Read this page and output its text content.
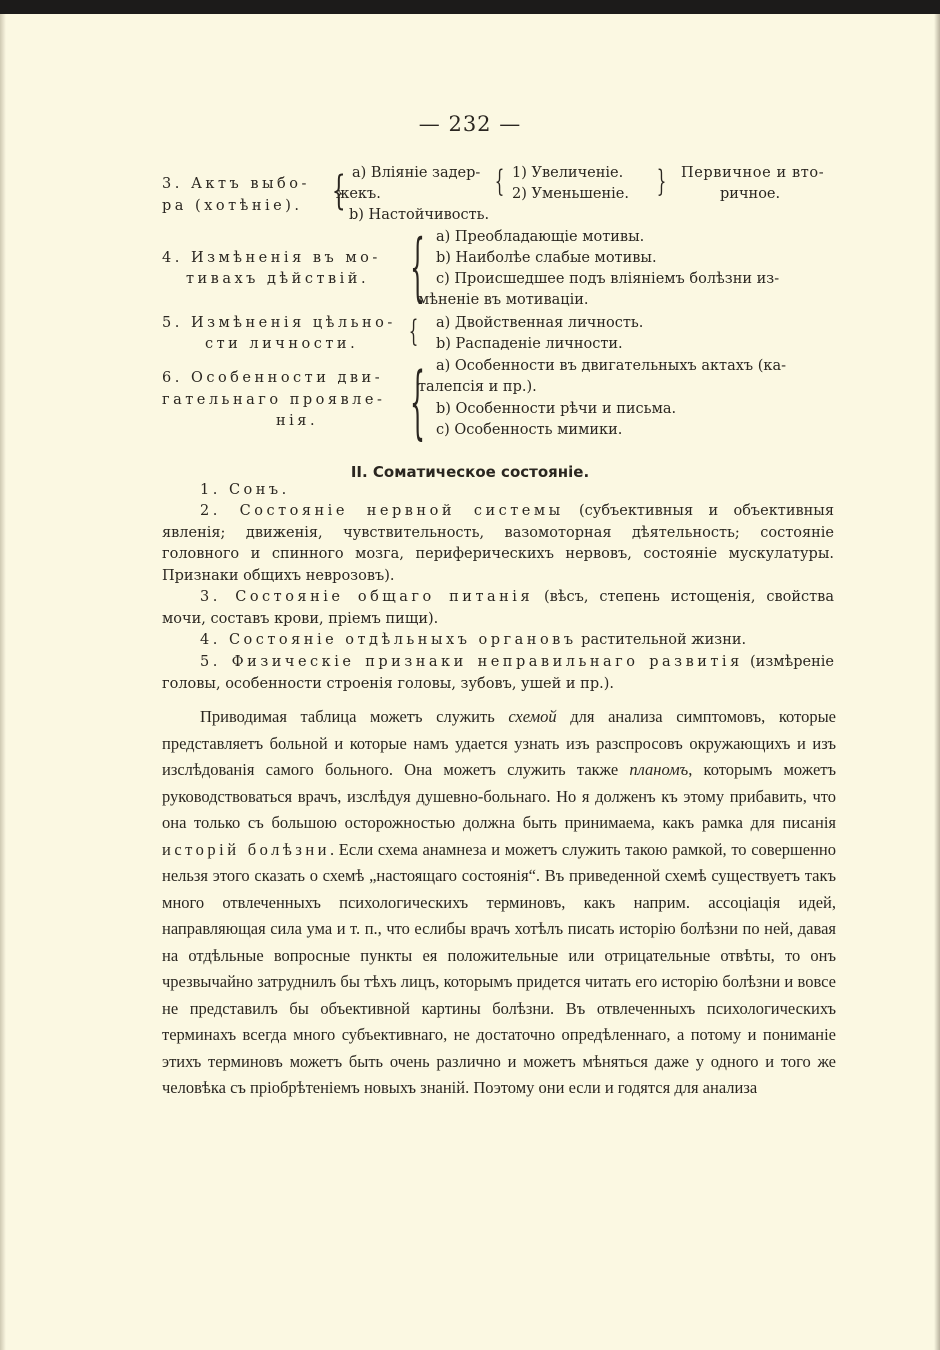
— 232 —
3. Актъ выбо-
ра (хотѣніе). { a) Вліяніе задер-
жекъ.
b) Настойчивость.
{ 1) Увеличеніе.
2) Уменьшеніе. } Первичное и вто-
ричное.
4. Измѣненія въ мо-
тивахъ дѣйствій. { a) Преобладающіе мотивы.
b) Наиболѣе слабые мотивы.
c) Происшедшее подъ вліяніемъ болѣзни из-
мѣненіе въ мотиваціи.
5. Измѣненія цѣльно-
сти личности. { a) Двойственная личность.
b) Распаденіе личности.
6. Особенности дви-
гательнаго проявле-
нія. { a) Особенности въ двигательныхъ актахъ (ка-
талепсія и пр.).
b) Особенности рѣчи и письма.
c) Особенность мимики.
II. Соматическое состояніе.
1. Сонъ.
2. Состояніе нервной системы (субъективныя и объективныя явленія; движенія, чувствительность, вазомоторная дѣятельность; состояніе головного и спинного мозга, периферическихъ нервовъ, состояніе мускулатуры. Признаки общихъ неврозовъ).
3. Состояніе общаго питанія (вѣсъ, степень истощенія, свойства мочи, составъ крови, пріемъ пищи).
4. Состояніе отдѣльныхъ органовъ растительной жизни.
5. Физическіе признаки неправильнаго развитія (измѣреніе головы, особенности строенія головы, зубовъ, ушей и пр.).
Приводимая таблица можетъ служить схемой для анализа симптомовъ, которые представляетъ больной и которые намъ удается узнать изъ разспросовъ окружающихъ и изъ изслѣдованія самого больного. Она можетъ служить также планомъ, которымъ можетъ руководствоваться врачъ, изслѣдуя душевно-больнаго. Но я долженъ къ этому прибавить, что она только съ большою осторожностью должна быть принимаема, какъ рамка для писанія исторій болѣзни. Если схема анамнеза и можетъ служить такою рамкой, то совершенно нельзя этого сказать о схемѣ „настоящаго состоянія“. Въ приведенной схемѣ существуетъ такъ много отвлеченныхъ психологическихъ терминовъ, какъ наприм. ассоціація идей, направляющая сила ума и т. п., что еслибы врачъ хотѣлъ писать исторію болѣзни по ней, давая на отдѣльные вопросные пункты ея положительные или отрицательные отвѣты, то онъ чрезвычайно затруднилъ бы тѣхъ лицъ, которымъ придется читать его исторію болѣзни и вовсе не представилъ бы объективной картины болѣзни. Въ отвлеченныхъ психологическихъ терминахъ всегда много субъективнаго, не достаточно опредѣленнаго, а потому и пониманіе этихъ терминовъ можетъ быть очень различно и можетъ мѣняться даже у одного и того же человѣка съ пріобрѣтеніемъ новыхъ знаній. Поэтому они если и годятся для анализа
